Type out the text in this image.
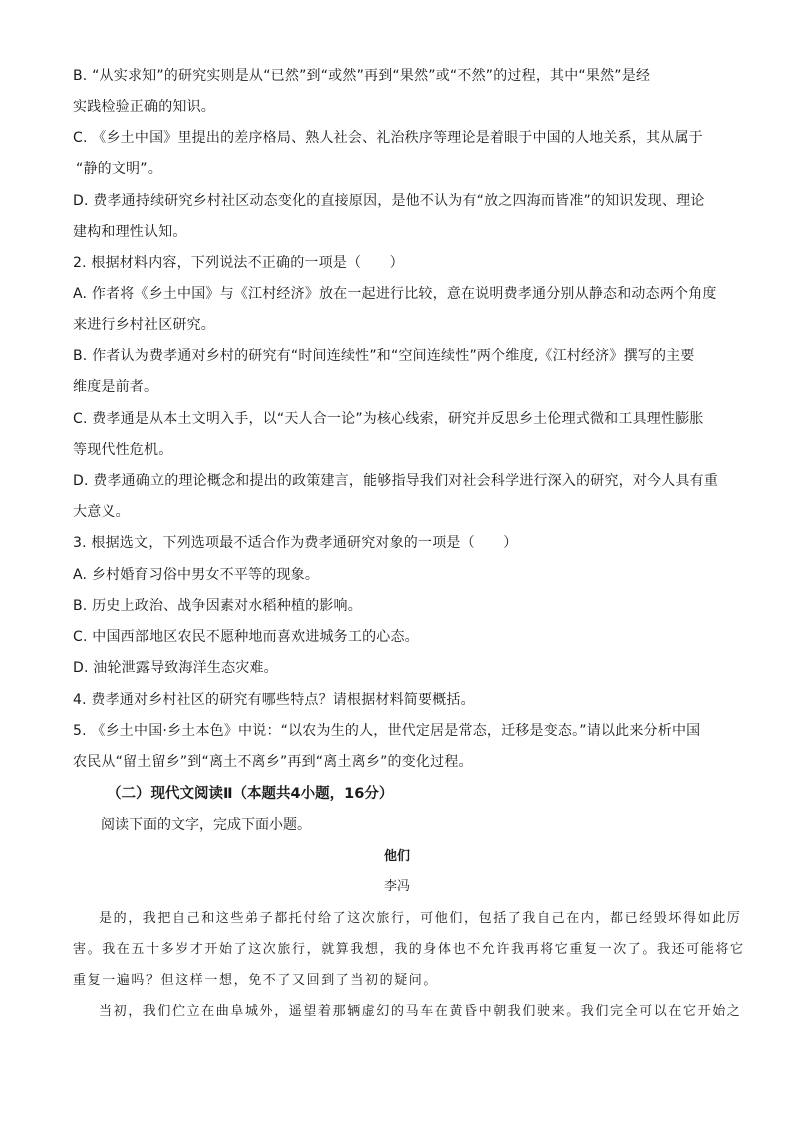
B. “从实求知”的研究实则是从“已然”到“或然”再到“果然”或“不然”的过程，其中“果然”是经
实践检验正确的知识。
C. 《乡土中国》里提出的差序格局、熟人社会、礼治秩序等理论是着眼于中国的人地关系，其从属于
“静的文明”。
D. 费孝通持续研究乡村社区动态变化的直接原因，是他不认为有“放之四海而皆准”的知识发现、理论
建构和理性认知。
2. 根据材料内容，下列说法不正确的一项是（　　）
A. 作者将《乡土中国》与《江村经济》放在一起进行比较，意在说明费孝通分别从静态和动态两个角度
来进行乡村社区研究。
B. 作者认为费孝通对乡村的研究有“时间连续性”和“空间连续性”两个维度,《江村经济》撰写的主要
维度是前者。
C. 费孝通是从本土文明入手，以“天人合一论”为核心线索，研究并反思乡土伦理式微和工具理性膨胀
等现代性危机。
D. 费孝通确立的理论概念和提出的政策建言，能够指导我们对社会科学进行深入的研究，对今人具有重
大意义。
3. 根据选文，下列选项最不适合作为费孝通研究对象的一项是（　　）
A. 乡村婚育习俗中男女不平等的现象。
B. 历史上政治、战争因素对水稻种植的影响。
C. 中国西部地区农民不愿种地而喜欢进城务工的心态。
D. 油轮泄露导致海洋生态灾难。
4. 费孝通对乡村社区的研究有哪些特点？请根据材料简要概括。
5. 《乡土中国·乡土本色》中说：“以农为生的人，世代定居是常态，迁移是变态。”请以此来分析中国
农民从“留土留乡”到“离土不离乡”再到“离土离乡”的变化过程。
（二）现代文阅读Ⅱ（本题共4小题，16分）
阅读下面的文字，完成下面小题。
他们
李冯
是的，我把自己和这些弟子都托付给了这次旅行，可他们，包括了我自己在内，都已经毁坏得如此厉
害。我在五十多岁才开始了这次旅行，就算我想，我的身体也不允许我再将它重复一次了。我还可能将它
重复一遍吗？但这样一想，免不了又回到了当初的疑问。
当初，我们伫立在曲阜城外，遥望着那辆虚幻的马车在黄昏中朝我们驶来。我们完全可以在它开始之
